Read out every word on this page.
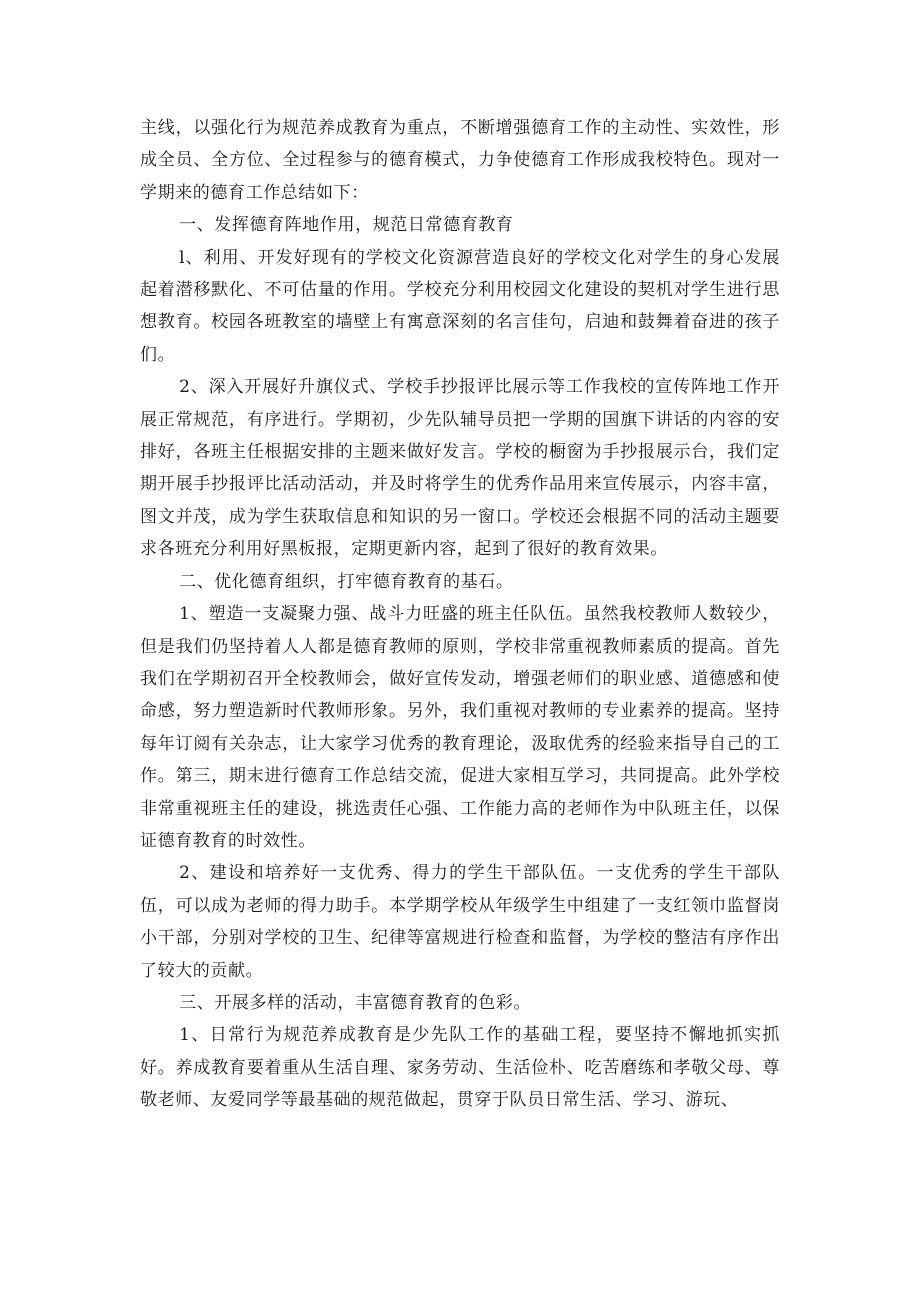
主线，以强化行为规范养成教育为重点，不断增强德育工作的主动性、实效性，形成全员、全方位、全过程参与的德育模式，力争使德育工作形成我校特色。现对一学期来的德育工作总结如下：

一、发挥德育阵地作用，规范日常德育教育

l、利用、开发好现有的学校文化资源营造良好的学校文化对学生的身心发展起着潜移默化、不可估量的作用。学校充分利用校园文化建设的契机对学生进行思想教育。校园各班教室的墙壁上有寓意深刻的名言佳句，启迪和鼓舞着奋进的孩子们。

2、深入开展好升旗仪式、学校手抄报评比展示等工作我校的宣传阵地工作开展正常规范，有序进行。学期初，少先队辅导员把一学期的国旗下讲话的内容的安排好，各班主任根据安排的主题来做好发言。学校的橱窗为手抄报展示台，我们定期开展手抄报评比活动活动，并及时将学生的优秀作品用来宣传展示，内容丰富，图文并茂，成为学生获取信息和知识的另一窗口。学校还会根据不同的活动主题要求各班充分利用好黑板报，定期更新内容，起到了很好的教育效果。

二、优化德育组织，打牢德育教育的基石。

1、塑造一支凝聚力强、战斗力旺盛的班主任队伍。虽然我校教师人数较少，但是我们仍坚持着人人都是德育教师的原则，学校非常重视教师素质的提高。首先我们在学期初召开全校教师会，做好宣传发动，增强老师们的职业感、道德感和使命感，努力塑造新时代教师形象。另外，我们重视对教师的专业素养的提高。坚持每年订阅有关杂志，让大家学习优秀的教育理论，汲取优秀的经验来指导自己的工作。第三，期末进行德育工作总结交流，促进大家相互学习，共同提高。此外学校非常重视班主任的建设，挑选责任心强、工作能力高的老师作为中队班主任，以保证德育教育的时效性。

2、建设和培养好一支优秀、得力的学生干部队伍。一支优秀的学生干部队伍，可以成为老师的得力助手。本学期学校从年级学生中组建了一支红领巾监督岗小干部，分别对学校的卫生、纪律等富规进行检查和监督，为学校的整洁有序作出了较大的贡献。

三、开展多样的活动，丰富德育教育的色彩。

1、日常行为规范养成教育是少先队工作的基础工程，要坚持不懈地抓实抓好。养成教育要着重从生活自理、家务劳动、生活俭朴、吃苦磨练和孝敬父母、尊敬老师、友爱同学等最基础的规范做起，贯穿于队员日常生活、学习、游玩、
